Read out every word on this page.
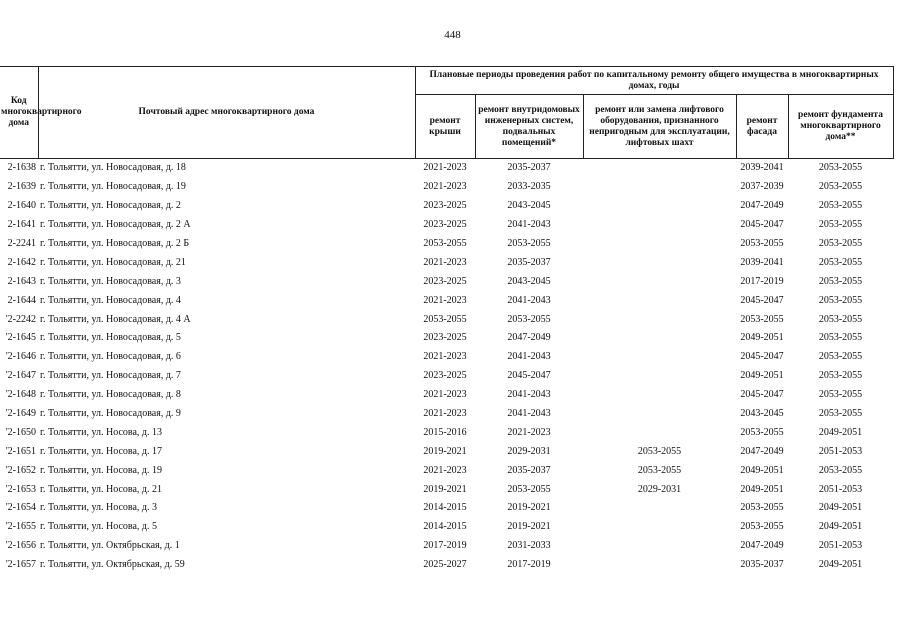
448
Код многоквартирного дома	Почтовый адрес многоквартирного дома	Плановые периоды проведения работ по капитальному ремонту общего имущества в многоквартирных домах, годы				
		ремонт крыши	ремонт внутридомовых инженерных систем, подвальных помещений*	ремонт или замена лифтового оборудования, признанного непригодным для эксплуатации, лифтовых шахт	ремонт фасада	ремонт фундамента многоквартирного дома**
2-1638	г. Тольятти, ул. Новосадовая, д. 18	2021-2023	2035-2037		2039-2041	2053-2055
2-1639	г. Тольятти, ул. Новосадовая, д. 19	2021-2023	2033-2035		2037-2039	2053-2055
2-1640	г. Тольятти, ул. Новосадовая, д. 2	2023-2025	2043-2045		2047-2049	2053-2055
2-1641	г. Тольятти, ул. Новосадовая, д. 2 А	2023-2025	2041-2043		2045-2047	2053-2055
2-2241	г. Тольятти, ул. Новосадовая, д. 2 Б	2053-2055	2053-2055		2053-2055	2053-2055
2-1642	г. Тольятти, ул. Новосадовая, д. 21	2021-2023	2035-2037		2039-2041	2053-2055
2-1643	г. Тольятти, ул. Новосадовая, д. 3	2023-2025	2043-2045		2017-2019	2053-2055
2-1644	г. Тольятти, ул. Новосадовая, д. 4	2021-2023	2041-2043		2045-2047	2053-2055
'2-2242	г. Тольятти, ул. Новосадовая, д. 4 А	2053-2055	2053-2055		2053-2055	2053-2055
'2-1645	г. Тольятти, ул. Новосадовая, д. 5	2023-2025	2047-2049		2049-2051	2053-2055
'2-1646	г. Тольятти, ул. Новосадовая, д. 6	2021-2023	2041-2043		2045-2047	2053-2055
'2-1647	г. Тольятти, ул. Новосадовая, д. 7	2023-2025	2045-2047		2049-2051	2053-2055
'2-1648	г. Тольятти, ул. Новосадовая, д. 8	2021-2023	2041-2043		2045-2047	2053-2055
'2-1649	г. Тольятти, ул. Новосадовая, д. 9	2021-2023	2041-2043		2043-2045	2053-2055
'2-1650	г. Тольятти, ул. Носова, д. 13	2015-2016	2021-2023		2053-2055	2049-2051
'2-1651	г. Тольятти, ул. Носова, д. 17	2019-2021	2029-2031	2053-2055	2047-2049	2051-2053
'2-1652	г. Тольятти, ул. Носова, д. 19	2021-2023	2035-2037	2053-2055	2049-2051	2053-2055
'2-1653	г. Тольятти, ул. Носова, д. 21	2019-2021	2053-2055	2029-2031	2049-2051	2051-2053
'2-1654	г. Тольятти, ул. Носова, д. 3	2014-2015	2019-2021		2053-2055	2049-2051
'2-1655	г. Тольятти, ул. Носова, д. 5	2014-2015	2019-2021		2053-2055	2049-2051
'2-1656	г. Тольятти, ул. Октябрьская, д. 1	2017-2019	2031-2033		2047-2049	2051-2053
'2-1657	г. Тольятти, ул. Октябрьская, д. 59	2025-2027	2017-2019		2035-2037	2049-2051
